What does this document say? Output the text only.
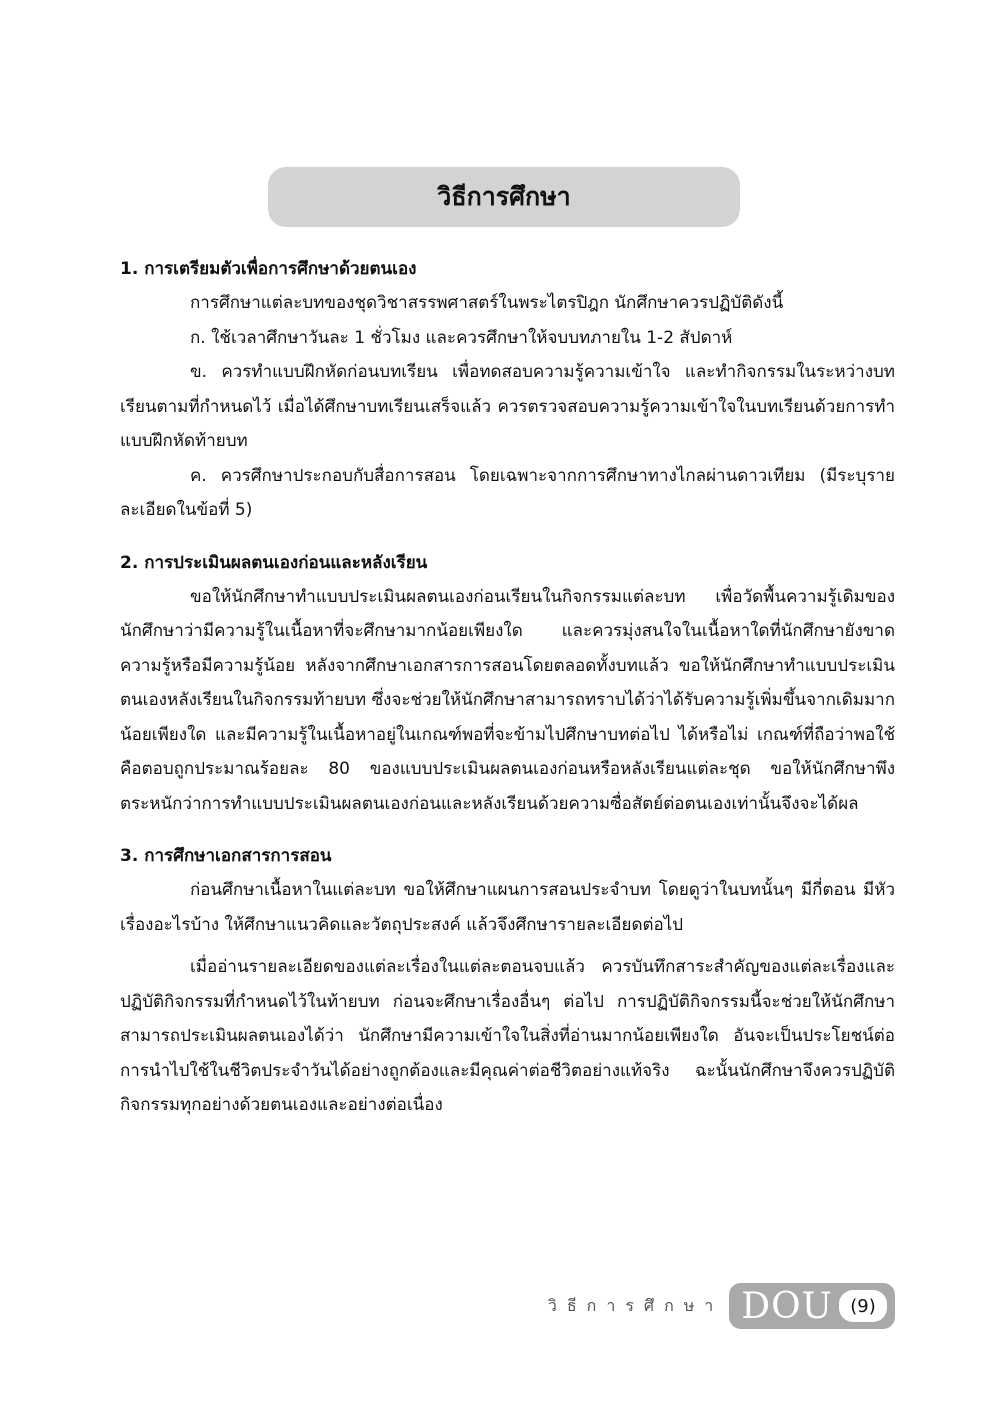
วิธีการศึกษา

1. การเตรียมตัวเพื่อการศึกษาด้วยตนเอง

การศึกษาแต่ละบทของชุดวิชาสรรพศาสตร์ในพระไตรปิฎก นักศึกษาควรปฏิบัติดังนี้

ก. ใช้เวลาศึกษาวันละ 1 ชั่วโมง และควรศึกษาให้จบบทภายใน 1-2 สัปดาห์

ข. ควรทำแบบฝึกหัดก่อนบทเรียน เพื่อทดสอบความรู้ความเข้าใจ และทำกิจกรรมในระหว่างบทเรียนตามที่กำหนดไว้ เมื่อได้ศึกษาบทเรียนเสร็จแล้ว ควรตรวจสอบความรู้ความเข้าใจในบทเรียนด้วยการทำแบบฝึกหัดท้ายบท

ค. ควรศึกษาประกอบกับสื่อการสอน โดยเฉพาะจากการศึกษาทางไกลผ่านดาวเทียม (มีระบุรายละเอียดในข้อที่ 5)

2. การประเมินผลตนเองก่อนและหลังเรียน

ขอให้นักศึกษาทำแบบประเมินผลตนเองก่อนเรียนในกิจกรรมแต่ละบท เพื่อวัดพื้นความรู้เดิมของนักศึกษาว่ามีความรู้ในเนื้อหาที่จะศึกษามากน้อยเพียงใด และควรมุ่งสนใจในเนื้อหาใดที่นักศึกษายังขาดความรู้หรือมีความรู้น้อย หลังจากศึกษาเอกสารการสอนโดยตลอดทั้งบทแล้ว ขอให้นักศึกษาทำแบบประเมินตนเองหลังเรียนในกิจกรรมท้ายบท ซึ่งจะช่วยให้นักศึกษาสามารถทราบได้ว่าได้รับความรู้เพิ่มขึ้นจากเดิมมากน้อยเพียงใด และมีความรู้ในเนื้อหาอยู่ในเกณฑ์พอที่จะข้ามไปศึกษาบทต่อไป ได้หรือไม่ เกณฑ์ที่ถือว่าพอใช้คือตอบถูกประมาณร้อยละ 80 ของแบบประเมินผลตนเองก่อนหรือหลังเรียนแต่ละชุด ขอให้นักศึกษาพึงตระหนักว่าการทำแบบประเมินผลตนเองก่อนและหลังเรียนด้วยความซื่อสัตย์ต่อตนเองเท่านั้นจึงจะได้ผล

3. การศึกษาเอกสารการสอน

ก่อนศึกษาเนื้อหาในแต่ละบท ขอให้ศึกษาแผนการสอนประจำบท โดยดูว่าในบทนั้นๆ มีกี่ตอน มีหัวเรื่องอะไรบ้าง ให้ศึกษาแนวคิดและวัตถุประสงค์ แล้วจึงศึกษารายละเอียดต่อไป

เมื่ออ่านรายละเอียดของแต่ละเรื่องในแต่ละตอนจบแล้ว ควรบันทึกสาระสำคัญของแต่ละเรื่องและปฏิบัติกิจกรรมที่กำหนดไว้ในท้ายบท ก่อนจะศึกษาเรื่องอื่นๆ ต่อไป การปฏิบัติกิจกรรมนี้จะช่วยให้นักศึกษาสามารถประเมินผลตนเองได้ว่า นักศึกษามีความเข้าใจในสิ่งที่อ่านมากน้อยเพียงใด อันจะเป็นประโยชน์ต่อการนำไปใช้ในชีวิตประจำวันได้อย่างถูกต้องและมีคุณค่าต่อชีวิตอย่างแท้จริง ฉะนั้นนักศึกษาจึงควรปฏิบัติกิจกรรมทุกอย่างด้วยตนเองและอย่างต่อเนื่อง

วิธีการศึกษา DOU (9)
